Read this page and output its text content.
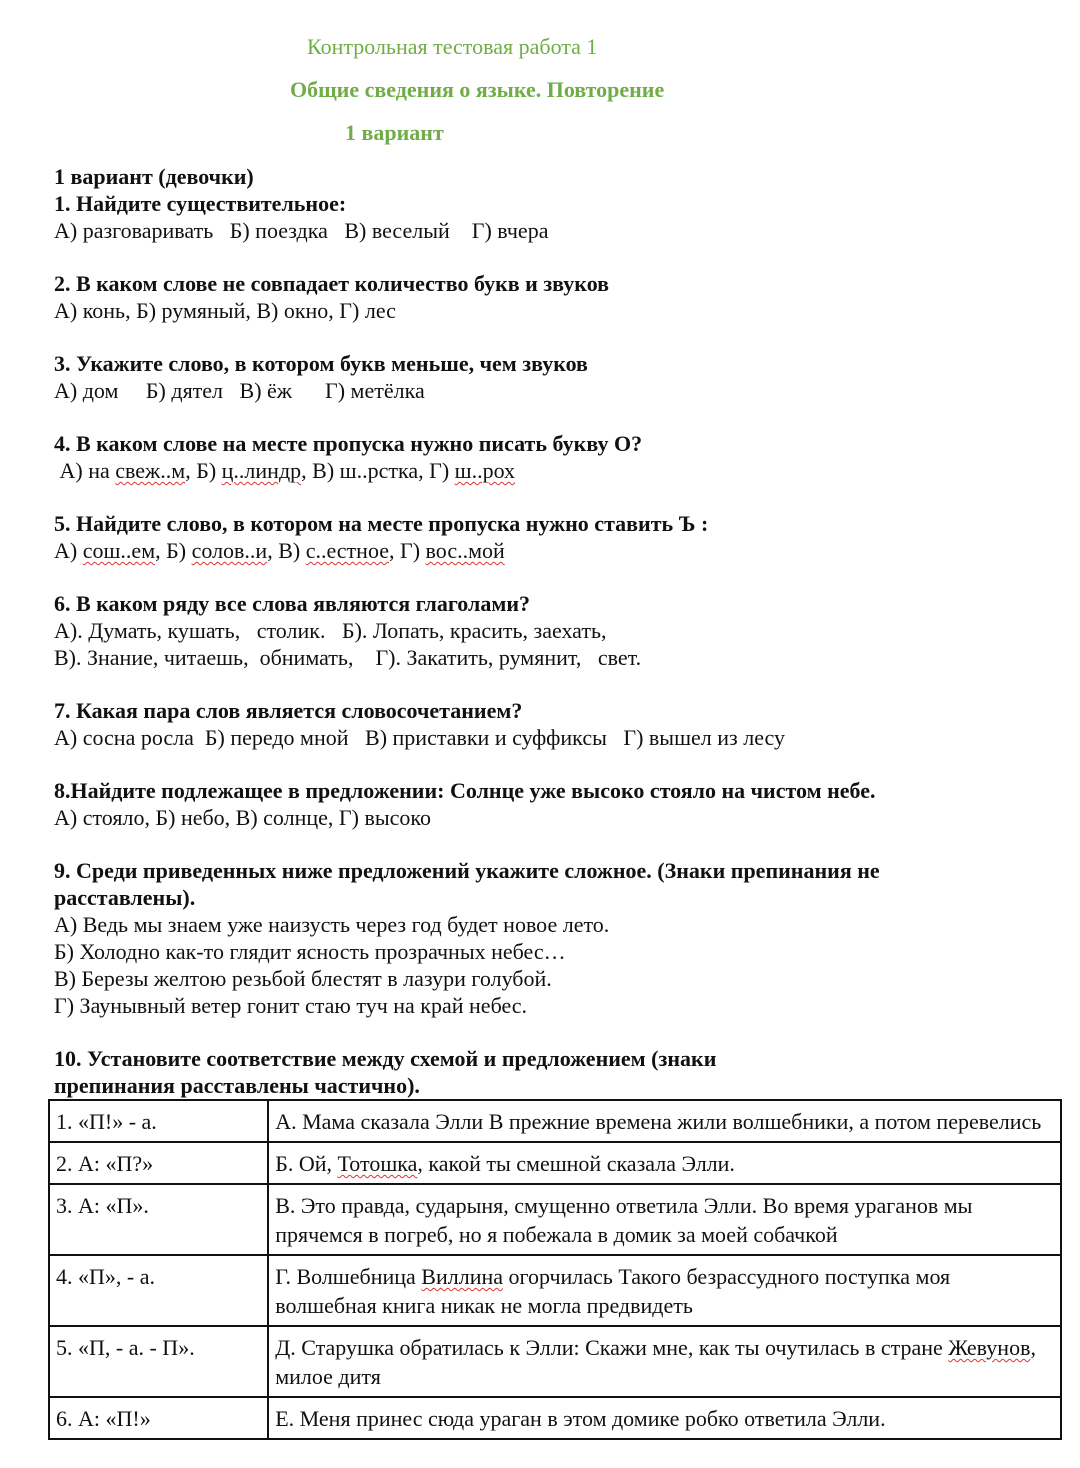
Контрольная тестовая работа 1
Общие сведения о языке. Повторение
1 вариант
1 вариант (девочки)
1. Найдите существительное:
А) разговаривать   Б) поездка   В) веселый    Г) вчера
2. В каком слове не совпадает количество букв и звуков
А) конь, Б) румяный, В) окно, Г) лес
3. Укажите слово, в котором букв меньше, чем звуков
А) дом     Б) дятел   В) ёж      Г) метёлка
4. В каком слове на месте пропуска нужно писать букву О?
А) на свеж..м, Б) ц..линдр, В) ш..рстка, Г) ш..рох
5. Найдите слово, в котором на месте пропуска нужно ставить Ъ :
А) сош..ем, Б) солов..и, В) с..естное, Г) вос..мой
6. В каком ряду все слова являются глаголами?
А). Думать, кушать,   столик.   Б). Лопать, красить, заехать,
В). Знание, читаешь,  обнимать,    Г). Закатить, румянит,   свет.
7. Какая пара слов является словосочетанием?
А) сосна росла  Б) передо мной   В) приставки и суффиксы   Г) вышел из лесу
8.Найдите подлежащее в предложении: Солнце уже высоко стояло на чистом небе.
А) стояло, Б) небо, В) солнце, Г) высоко
9. Среди приведенных ниже предложений укажите сложное. (Знаки препинания не расставлены).
А) Ведь мы знаем уже наизусть через год будет новое лето.
Б) Холодно как-то глядит ясность прозрачных небес…
В) Березы желтою резьбой блестят в лазури голубой.
Г) Заунывный ветер гонит стаю туч на край небес.
10. Установите соответствие между схемой и предложением (знаки препинания расставлены частично).
1. «П!» - а.	А. Мама сказала Элли В прежние времена жили волшебники, а потом перевелись
2. А: «П?»	Б. Ой, Тотошка, какой ты смешной сказала Элли.
3. А: «П».	В. Это правда, сударыня, смущенно ответила Элли. Во время ураганов мы прячемся в погреб, но я побежала в домик за моей собачкой
4. «П», - а.	Г. Волшебница Виллина огорчилась Такого безрассудного поступка моя волшебная книга никак не могла предвидеть
5. «П, - а. - П».	Д. Старушка обратилась к Элли: Скажи мне, как ты очутилась в стране Жевунов, милое дитя
6. А: «П!»	Е. Меня принес сюда ураган в этом домике робко ответила Элли.
